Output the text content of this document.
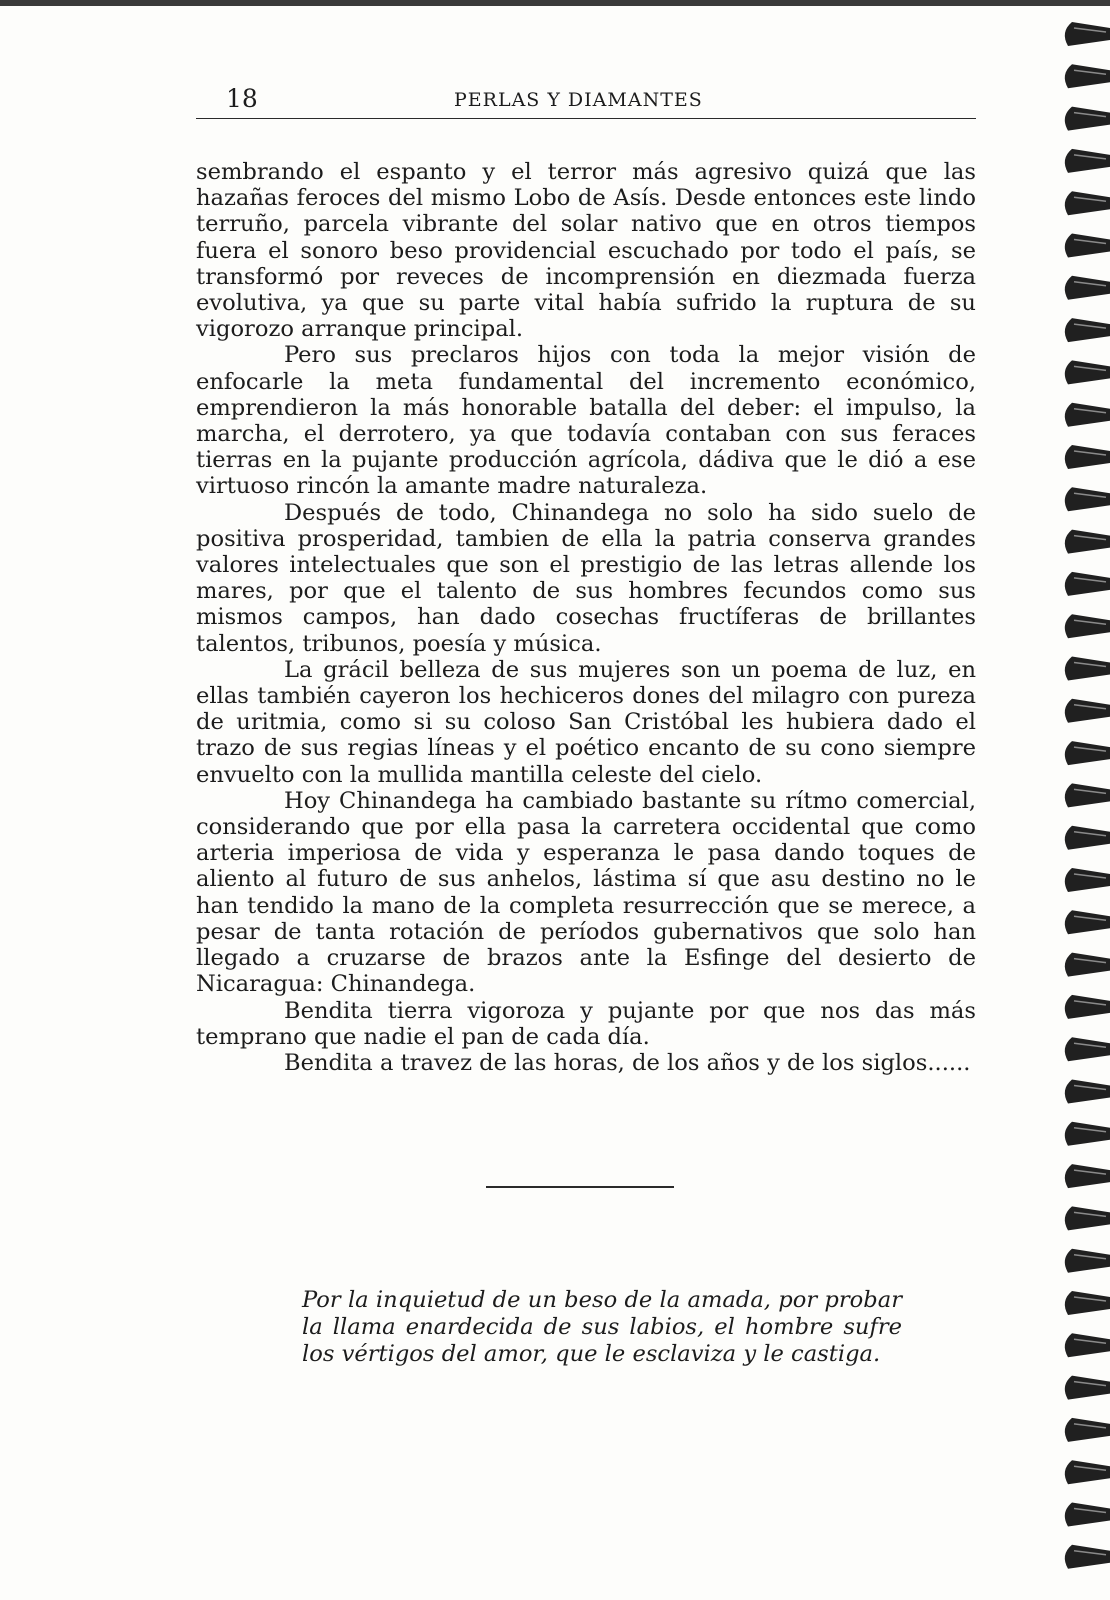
18	PERLAS Y DIAMANTES

sembrando el espanto y el terror más agresivo quizá que las hazañas feroces del mismo Lobo de Asís. Desde entonces este lindo terruño, parcela vibrante del solar nativo que en otros tiempos fuera el sonoro beso providencial escuchado por todo el país, se transformó por reveces de incomprensión en diezmada fuerza evolutiva, ya que su parte vital había sufrido la ruptura de su vigorozo arranque principal.

Pero sus preclaros hijos con toda la mejor visión de enfocarle la meta fundamental del incremento económico, emprendieron la más honorable batalla del deber: el impulso, la marcha, el derrotero, ya que todavía contaban con sus feraces tierras en la pujante producción agrícola, dádiva que le dió a ese virtuoso rincón la amante madre naturaleza.

Después de todo, Chinandega no solo ha sido suelo de positiva prosperidad, tambien de ella la patria conserva grandes valores intelectuales que son el prestigio de las letras allende los mares, por que el talento de sus hombres fecundos como sus mismos campos, han dado cosechas fructíferas de brillantes talentos, tribunos, poesía y música.

La grácil belleza de sus mujeres son un poema de luz, en ellas también cayeron los hechiceros dones del milagro con pureza de uritmia, como si su coloso San Cristóbal les hubiera dado el trazo de sus regias líneas y el poético encanto de su cono siempre envuelto con la mullida mantilla celeste del cielo.

Hoy Chinandega ha cambiado bastante su rítmo comercial, considerando que por ella pasa la carretera occidental que como arteria imperiosa de vida y esperanza le pasa dando toques de aliento al futuro de sus anhelos, lástima sí que asu destino no le han tendido la mano de la completa resurrección que se merece, a pesar de tanta rotación de períodos gubernativos que solo han llegado a cruzarse de brazos ante la Esfinge del desierto de Nicaragua: Chinandega.

Bendita tierra vigoroza y pujante por que nos das más temprano que nadie el pan de cada día.

Bendita a travez de las horas, de los años y de los siglos......

Por la inquietud de un beso de la amada, por probar la llama enardecida de sus labios, el hombre sufre los vértigos del amor, que le esclaviza y le castiga.
